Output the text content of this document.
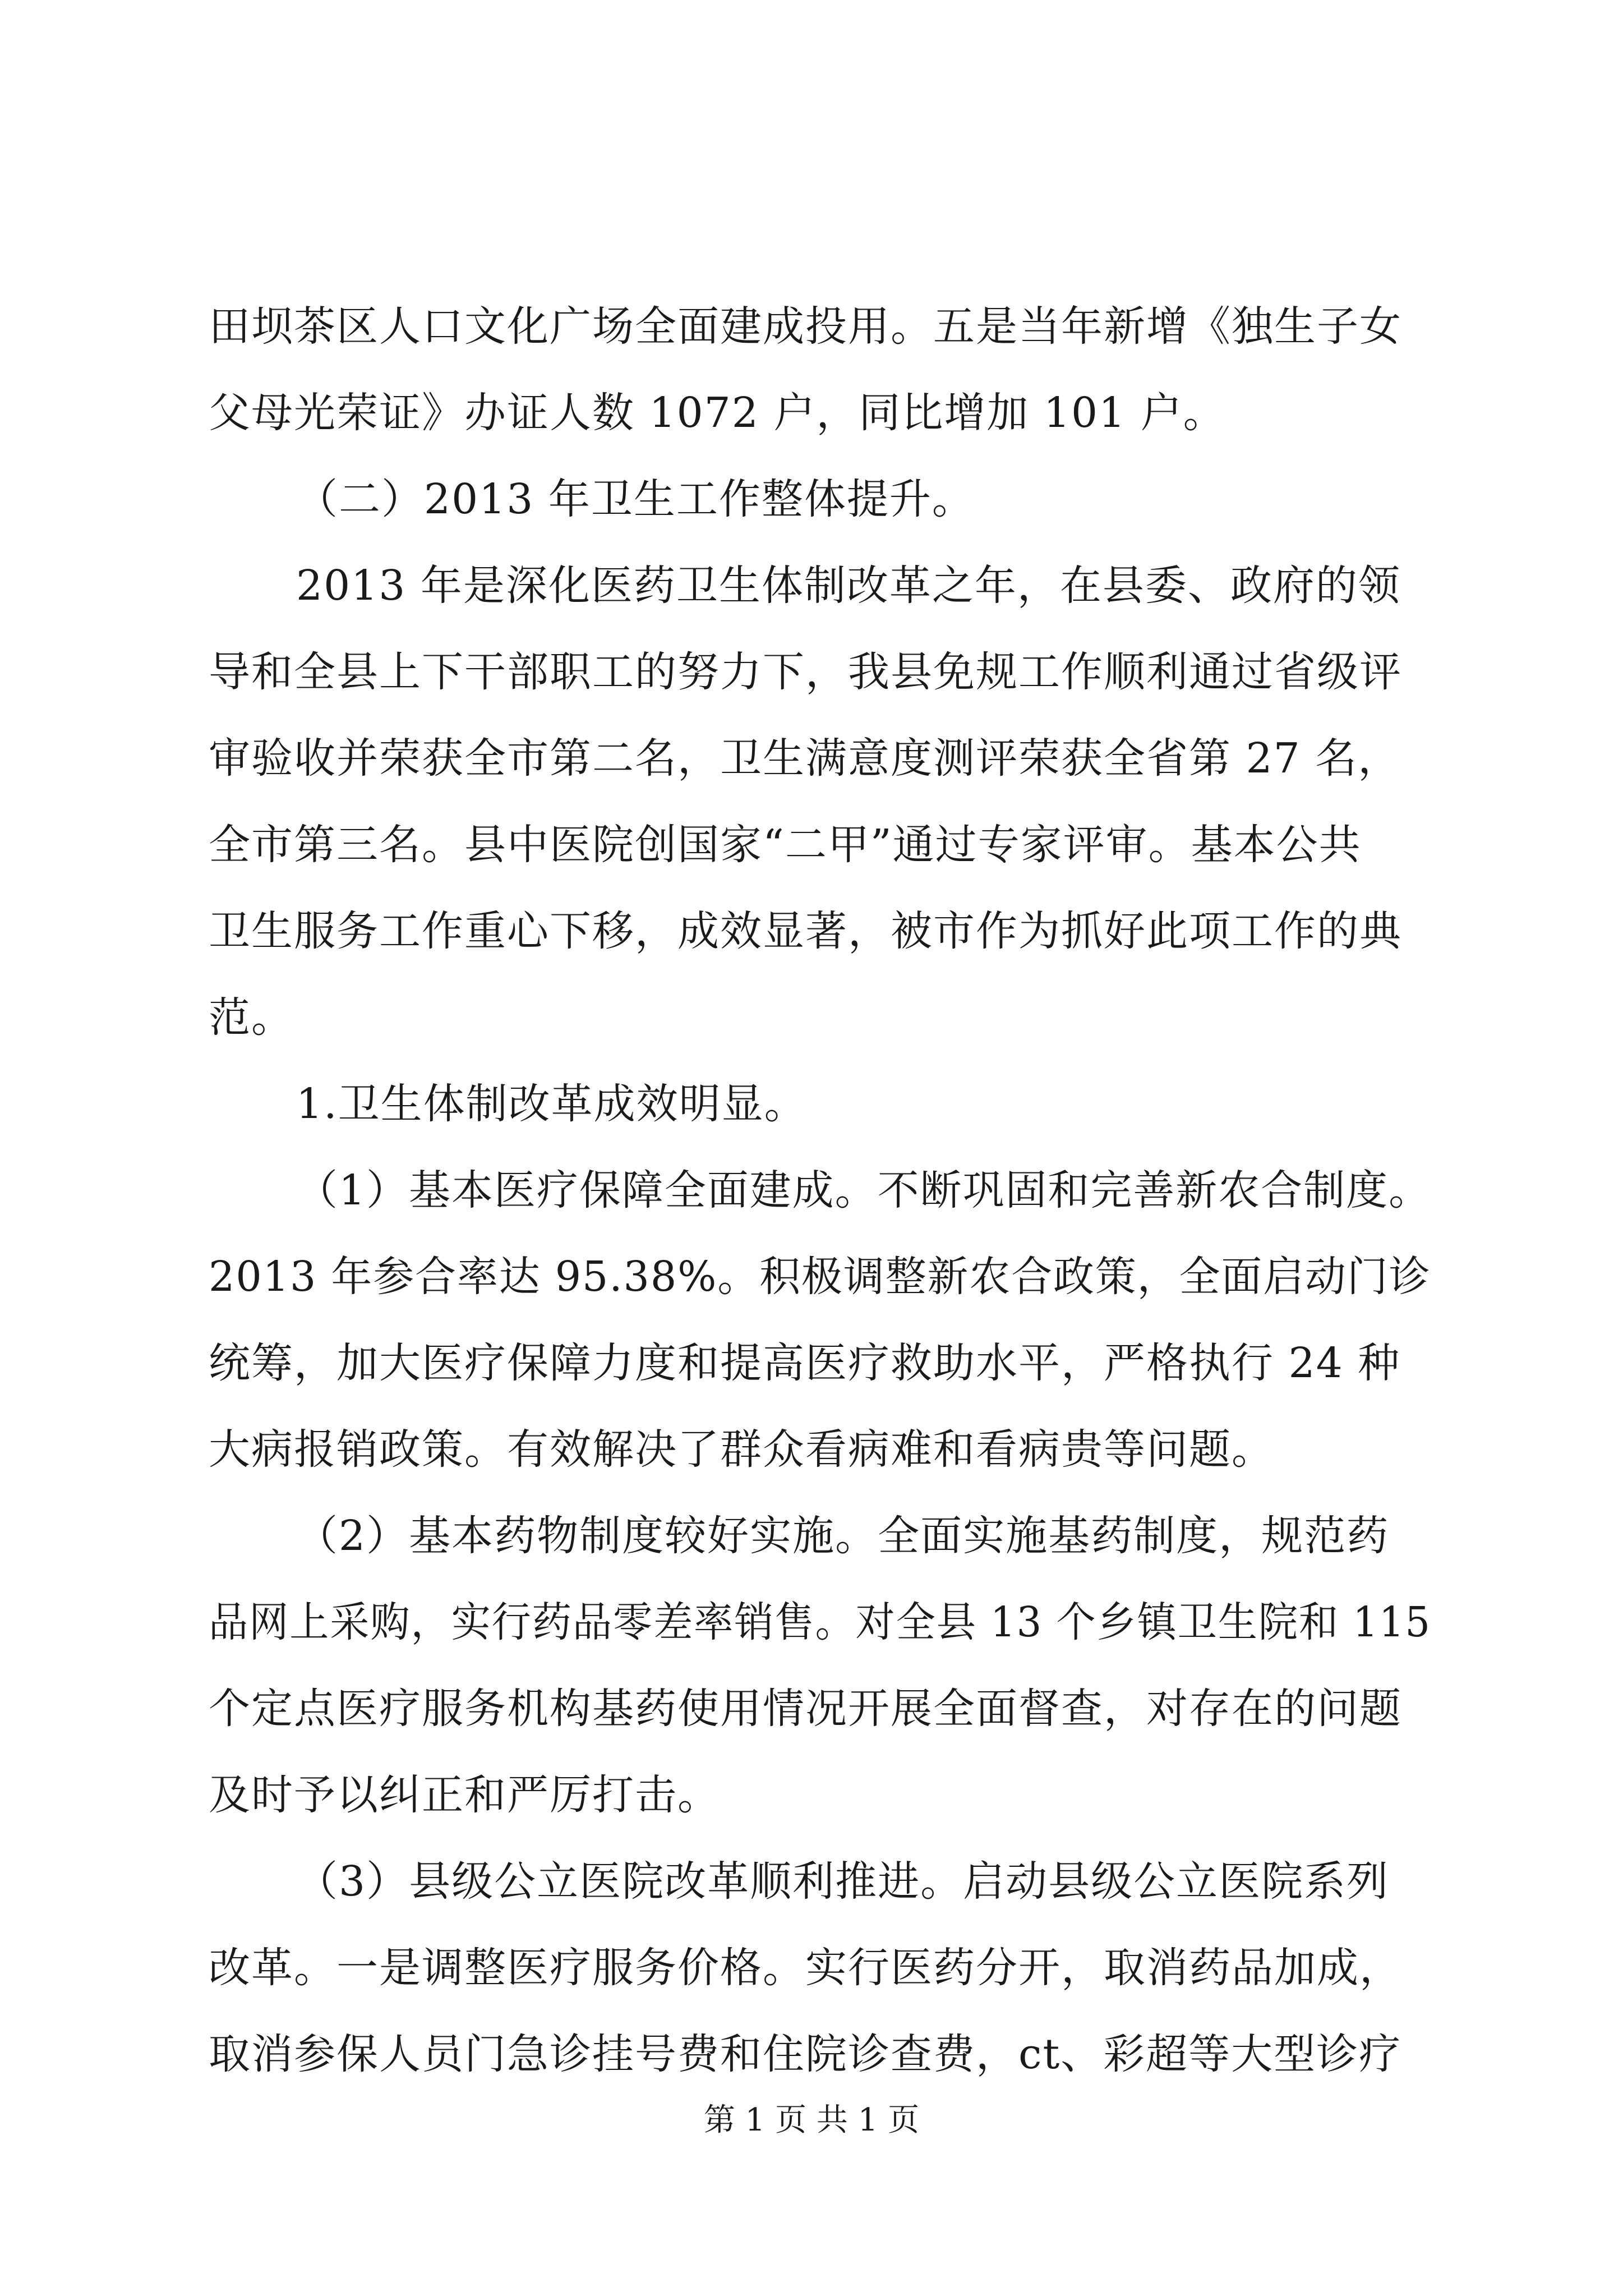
田坝茶区人口文化广场全面建成投用。五是当年新增《独生子女
父母光荣证》办证人数 1072 户，同比增加 101 户。
（二）2013 年卫生工作整体提升。
2013 年是深化医药卫生体制改革之年，在县委、政府的领
导和全县上下干部职工的努力下，我县免规工作顺利通过省级评
审验收并荣获全市第二名，卫生满意度测评荣获全省第 27 名，
全市第三名。县中医院创国家“二甲”通过专家评审。基本公共
卫生服务工作重心下移，成效显著，被市作为抓好此项工作的典
范。
1.卫生体制改革成效明显。
（1）基本医疗保障全面建成。不断巩固和完善新农合制度。
2013 年参合率达 95.38%。积极调整新农合政策，全面启动门诊
统筹，加大医疗保障力度和提高医疗救助水平，严格执行 24 种
大病报销政策。有效解决了群众看病难和看病贵等问题。
（2）基本药物制度较好实施。全面实施基药制度，规范药
品网上采购，实行药品零差率销售。对全县 13 个乡镇卫生院和 115
个定点医疗服务机构基药使用情况开展全面督查，对存在的问题
及时予以纠正和严厉打击。
（3）县级公立医院改革顺利推进。启动县级公立医院系列
改革。一是调整医疗服务价格。实行医药分开，取消药品加成，
取消参保人员门急诊挂号费和住院诊查费，ct、彩超等大型诊疗
第 1 页 共 1 页
